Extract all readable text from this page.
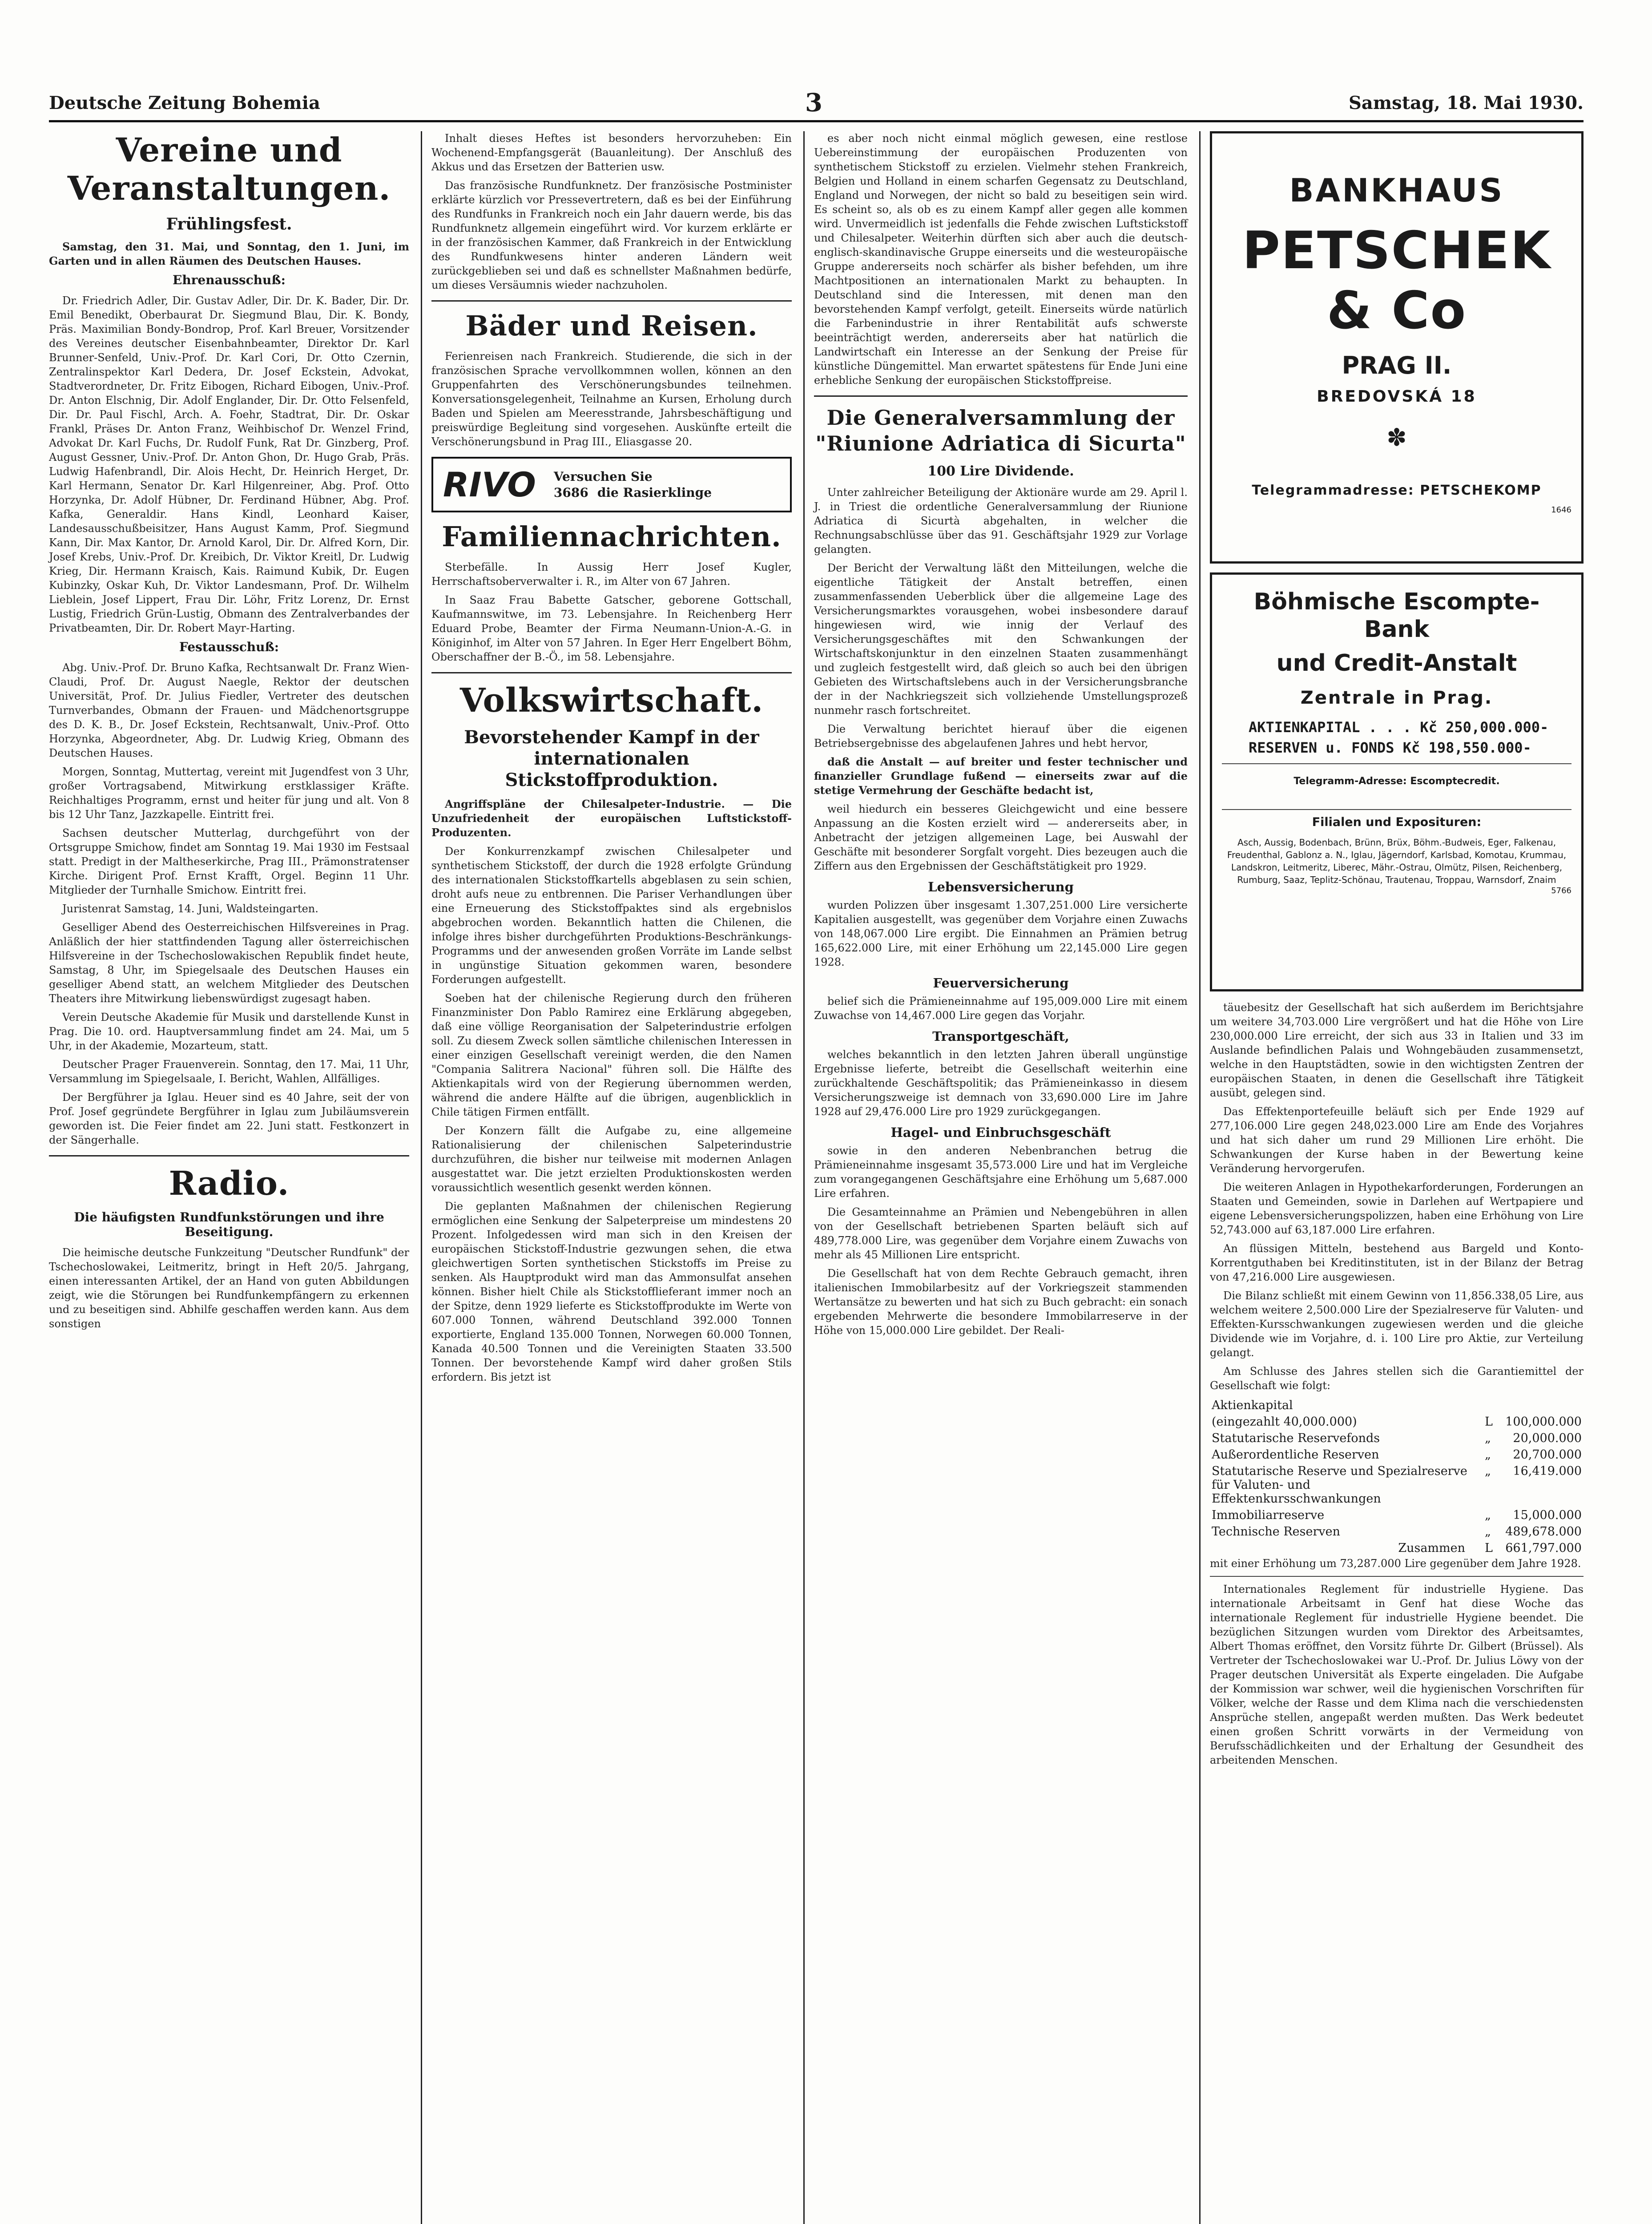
Deutsche Zeitung Bohemia	3	Samstag, 18. Mai 1930.
Vereine und Veranstaltungen.
Frühlingsfest.

Samstag, den 31. Mai, und Sonntag, den 1. Juni, im Garten und in allen Räumen des Deutschen Hauses.

Ehrenausschuß:

Dr. Friedrich Adler, Dir. Gustav Adler, Dir. Dr. K. Bader, Dir. Dr. Emil Benedikt, Oberbaurat Dr. Siegmund Blau, Dir. K. Bondy, Präs. Maximilian Bondy-Bondrop, Prof. Karl Breuer, Vorsitzender des Vereines deutscher Eisenbahnbeamter, Direktor Dr. Karl Brunner-Senfeld, Univ.-Prof. Dr. Karl Cori, Dr. Otto Czernin, Zentralinspektor Karl Dedera, Dr. Josef Eckstein, Advokat, Stadtverordneter, Dr. Fritz Eibogen, Richard Eibogen, Univ.-Prof. Dr. Anton Elschnig, Dir. Adolf Englander, Dir. Dr. Otto Felsenfeld, Dir. Dr. Paul Fischl, Arch. A. Foehr, Stadtrat, Dir. Dr. Oskar Frankl, Präses Dr. Anton Franz, Weihbischof Dr. Wenzel Frind, Advokat Dr. Karl Fuchs, Dr. Rudolf Funk, Rat Dr. Ginzberg, Prof. August Gessner, Univ.-Prof. Dr. Anton Ghon, Dr. Hugo Grab, Präs. Ludwig Hafenbrandl, Dir. Alois Hecht, Dr. Heinrich Herget, Dr. Karl Hermann, Senator Dr. Karl Hilgenreiner, Abg. Prof. Otto Horzynka, Dr. Adolf Hübner, Dr. Ferdinand Hübner, Abg. Prof. Kafka, Generaldir. Hans Kindl, Leonhard Kaiser, Landesausschußbeisitzer, Hans August Kamm, Prof. Siegmund Kann, Dir. Max Kantor, Dr. Arnold Karol, Dir. Dr. Alfred Korn, Dir. Josef Krebs, Univ.-Prof. Dr. Kreibich, Dr. Viktor Kreitl, Dr. Ludwig Krieg, Dir. Hermann Kraisch, Kais. Raimund Kubik, Dr. Eugen Kubinzky, Oskar Kuh, Dr. Viktor Landesmann, Prof. Dr. Wilhelm Lieblein, Josef Lippert, Frau Dir. Löhr, Fritz Lorenz, Dr. Ernst Lustig, Friedrich Grün-Lustig, Obmann des Zentralverbandes der Privatbeamten, Dir. Dr. Robert Mayr-Harting.

Festausschuß:

Abg. Univ.-Prof. Dr. Bruno Kafka, Rechtsanwalt Dr. Franz Wien-Claudi, Prof. Dr. August Naegle, Rektor der deutschen Universität, Prof. Dr. Julius Fiedler, Vertreter des deutschen Turnverbandes, Obmann der Frauen- und Mädchenortsgruppe des D. K. B., Dr. Josef Eckstein, Rechtsanwalt, Univ.-Prof. Otto Horzynka, Abgeordneter, Abg. Dr. Ludwig Krieg, Obmann des Deutschen Hauses.

Morgen, Sonntag, Muttertag, vereint mit Jugendfest von 3 Uhr, großer Vortragsabend, Mitwirkung erstklassiger Kräfte. Reichhaltiges Programm, ernst und heiter für jung und alt. Von 8 bis 12 Uhr Tanz, Jazzkapelle. Eintritt frei.

Sachsen deutscher Mutterlag, durchgeführt von der Ortsgruppe Smichow, findet am Sonntag 19. Mai 1930 im Festsaal statt. Predigt in der Maltheserkirche, Prag III., Prämonstratenser Kirche. Dirigent Prof. Ernst Krafft, Orgel. Beginn 11 Uhr. Mitglieder der Turnhalle Smichow. Eintritt frei.

Juristenrat Samstag, 14. Juni, Waldsteingarten.

Geselliger Abend des Oesterreichischen Hilfsvereines in Prag. Anläßlich der hier stattfindenden Tagung aller österreichischen Hilfsvereine in der Tschechoslowakischen Republik findet heute, Samstag, 8 Uhr, im Spiegelsaale des Deutschen Hauses ein geselliger Abend statt, an welchem Mitglieder des Deutschen Theaters ihre Mitwirkung liebenswürdigst zugesagt haben.

Verein Deutsche Akademie für Musik und darstellende Kunst in Prag. Die 10. ord. Hauptversammlung findet am 24. Mai, um 5 Uhr, in der Akademie, Mozarteum, statt.

Deutscher Prager Frauenverein. Sonntag, den 17. Mai, 11 Uhr, Versammlung im Spiegelsaale, I. Bericht, Wahlen, Allfälliges.

Der Bergführer ja Iglau. Heuer sind es 40 Jahre, seit der von Prof. Josef gegründete Bergführer in Iglau zum Jubiläumsverein geworden ist. Die Feier findet am 22. Juni statt. Festkonzert in der Sängerhalle.

Radio.
Die häufigsten Rundfunkstörungen und ihre Beseitigung.

Die heimische deutsche Funkzeitung "Deutscher Rundfunk" der Tschechoslowakei, Leitmeritz, bringt in Heft 20/5. Jahrgang, einen interessanten Artikel, der an Hand von guten Abbildungen zeigt, wie die Störungen bei Rundfunkempfängern zu erkennen und zu beseitigen sind. Abhilfe geschaffen werden kann. Aus dem sonstigen

Inhalt dieses Heftes ist besonders hervorzuheben: Ein Wochenend-Empfangsgerät (Bauanleitung). Der Anschluß des Akkus und das Ersetzen der Batterien usw.

Das französische Rundfunknetz. Der französische Postminister erklärte kürzlich vor Pressevertretern, daß es bei der Einführung des Rundfunks in Frankreich noch ein Jahr dauern werde, bis das Rundfunknetz allgemein eingeführt wird. Vor kurzem erklärte er in der französischen Kammer, daß Frankreich in der Entwicklung des Rundfunkwesens hinter anderen Ländern weit zurückgeblieben sei und daß es schnellster Maßnahmen bedürfe, um dieses Versäumnis wieder nachzuholen.

Bäder und Reisen.

Ferienreisen nach Frankreich. Studierende, die sich in der französischen Sprache vervollkommnen wollen, können an den Gruppenfahrten des Verschönerungsbundes teilnehmen. Konversationsgelegenheit, Teilnahme an Kursen, Erholung durch Baden und Spielen am Meeresstrande, Jahrsbeschäftigung und preiswürdige Begleitung sind vorgesehen. Auskünfte erteilt die Verschönerungsbund in Prag III., Eliasgasse 20.

RIVO Versuchen Sie
3686 die Rasierklinge
Familiennachrichten.

Sterbefälle. In Aussig Herr Josef Kugler, Herrschaftsoberverwalter i. R., im Alter von 67 Jahren.

In Saaz Frau Babette Gatscher, geborene Gottschall, Kaufmannswitwe, im 73. Lebensjahre. In Reichenberg Herr Eduard Probe, Beamter der Firma Neumann-Union-A.-G. in Königinhof, im Alter von 57 Jahren. In Eger Herr Engelbert Böhm, Oberschaffner der B.-Ö., im 58. Lebensjahre.

Volkswirtschaft.
Bevorstehender Kampf in der internationalen Stickstoffproduktion.

Angriffspläne der Chilesalpeter-Industrie. — Die Unzufriedenheit der europäischen Luftstickstoff-Produzenten.

Der Konkurrenzkampf zwischen Chilesalpeter und synthetischem Stickstoff, der durch die 1928 erfolgte Gründung des internationalen Stickstoffkartells abgeblasen zu sein schien, droht aufs neue zu entbrennen. Die Pariser Verhandlungen über eine Erneuerung des Stickstoffpaktes sind als ergebnislos abgebrochen worden. Bekanntlich hatten die Chilenen, die infolge ihres bisher durchgeführten Produktions-Beschränkungs-Programms und der anwesenden großen Vorräte im Lande selbst in ungünstige Situation gekommen waren, besondere Forderungen aufgestellt.

Soeben hat der chilenische Regierung durch den früheren Finanzminister Don Pablo Ramirez eine Erklärung abgegeben, daß eine völlige Reorganisation der Salpeterindustrie erfolgen soll. Zu diesem Zweck sollen sämtliche chilenischen Interessen in einer einzigen Gesellschaft vereinigt werden, die den Namen "Compania Salitrera Nacional" führen soll. Die Hälfte des Aktienkapitals wird von der Regierung übernommen werden, während die andere Hälfte auf die übrigen, augenblicklich in Chile tätigen Firmen entfällt.

Der Konzern fällt die Aufgabe zu, eine allgemeine Rationalisierung der chilenischen Salpeterindustrie durchzuführen, die bisher nur teilweise mit modernen Anlagen ausgestattet war. Die jetzt erzielten Produktionskosten werden voraussichtlich wesentlich gesenkt werden können.

Die geplanten Maßnahmen der chilenischen Regierung ermöglichen eine Senkung der Salpeterpreise um mindestens 20 Prozent. Infolgedessen wird man sich in den Kreisen der europäischen Stickstoff-Industrie gezwungen sehen, die etwa gleichwertigen Sorten synthetischen Stickstoffs im Preise zu senken. Als Hauptprodukt wird man das Ammonsulfat ansehen können. Bisher hielt Chile als Stickstofflieferant immer noch an der Spitze, denn 1929 lieferte es Stickstoffprodukte im Werte von 607.000 Tonnen, während Deutschland 392.000 Tonnen exportierte, England 135.000 Tonnen, Norwegen 60.000 Tonnen, Kanada 40.500 Tonnen und die Vereinigten Staaten 33.500 Tonnen. Der bevorstehende Kampf wird daher großen Stils erfordern. Bis jetzt ist

es aber noch nicht einmal möglich gewesen, eine restlose Uebereinstimmung der europäischen Produzenten von synthetischem Stickstoff zu erzielen. Vielmehr stehen Frankreich, Belgien und Holland in einem scharfen Gegensatz zu Deutschland, England und Norwegen, der nicht so bald zu beseitigen sein wird. Es scheint so, als ob es zu einem Kampf aller gegen alle kommen wird. Unvermeidlich ist jedenfalls die Fehde zwischen Luftstickstoff und Chilesalpeter. Weiterhin dürften sich aber auch die deutsch-englisch-skandinavische Gruppe einerseits und die westeuropäische Gruppe andererseits noch schärfer als bisher befehden, um ihre Machtpositionen an internationalen Markt zu behaupten. In Deutschland sind die Interessen, mit denen man den bevorstehenden Kampf verfolgt, geteilt. Einerseits würde natürlich die Farbenindustrie in ihrer Rentabilität aufs schwerste beeinträchtigt werden, andererseits aber hat natürlich die Landwirtschaft ein Interesse an der Senkung der Preise für künstliche Düngemittel. Man erwartet spätestens für Ende Juni eine erhebliche Senkung der europäischen Stickstoffpreise.

Die Generalversammlung der "Riunione Adriatica di Sicurta"
100 Lire Dividende.

Unter zahlreicher Beteiligung der Aktionäre wurde am 29. April l. J. in Triest die ordentliche Generalversammlung der Riunione Adriatica di Sicurtà abgehalten, in welcher die Rechnungsabschlüsse über das 91. Geschäftsjahr 1929 zur Vorlage gelangten.

Der Bericht der Verwaltung läßt den Mitteilungen, welche die eigentliche Tätigkeit der Anstalt betreffen, einen zusammenfassenden Ueberblick über die allgemeine Lage des Versicherungsmarktes vorausgehen, wobei insbesondere darauf hingewiesen wird, wie innig der Verlauf des Versicherungsgeschäftes mit den Schwankungen der Wirtschaftskonjunktur in den einzelnen Staaten zusammenhängt und zugleich festgestellt wird, daß gleich so auch bei den übrigen Gebieten des Wirtschaftslebens auch in der Versicherungsbranche der in der Nachkriegszeit sich vollziehende Umstellungsprozeß nunmehr rasch fortschreitet.

Die Verwaltung berichtet hierauf über die eigenen Betriebsergebnisse des abgelaufenen Jahres und hebt hervor,

daß die Anstalt — auf breiter und fester technischer und finanzieller Grundlage fußend — einerseits zwar auf die stetige Vermehrung der Geschäfte bedacht ist,

weil hiedurch ein besseres Gleichgewicht und eine bessere Anpassung an die Kosten erzielt wird — andererseits aber, in Anbetracht der jetzigen allgemeinen Lage, bei Auswahl der Geschäfte mit besonderer Sorgfalt vorgeht. Dies bezeugen auch die Ziffern aus den Ergebnissen der Geschäftstätigkeit pro 1929.

Lebensversicherung

wurden Polizzen über insgesamt 1.307,251.000 Lire versicherte Kapitalien ausgestellt, was gegenüber dem Vorjahre einen Zuwachs von 148,067.000 Lire ergibt. Die Einnahmen an Prämien betrug 165,622.000 Lire, mit einer Erhöhung um 22,145.000 Lire gegen 1928.

Feuerversicherung

belief sich die Prämieneinnahme auf 195,009.000 Lire mit einem Zuwachse von 14,467.000 Lire gegen das Vorjahr.

Transportgeschäft,

welches bekanntlich in den letzten Jahren überall ungünstige Ergebnisse lieferte, betreibt die Gesellschaft weiterhin eine zurückhaltende Geschäftspolitik; das Prämieneinkasso in diesem Versicherungszweige ist demnach von 33,690.000 Lire im Jahre 1928 auf 29,476.000 Lire pro 1929 zurückgegangen.

Hagel- und Einbruchsgeschäft

sowie in den anderen Nebenbranchen betrug die Prämieneinnahme insgesamt 35,573.000 Lire und hat im Vergleiche zum vorangegangenen Geschäftsjahre eine Erhöhung um 5,687.000 Lire erfahren.

Die Gesamteinnahme an Prämien und Nebengebühren in allen von der Gesellschaft betriebenen Sparten beläuft sich auf 489,778.000 Lire, was gegenüber dem Vorjahre einem Zuwachs von mehr als 45 Millionen Lire entspricht.

Die Gesellschaft hat von dem Rechte Gebrauch gemacht, ihren italienischen Immobilarbesitz auf der Vorkriegszeit stammenden Wertansätze zu bewerten und hat sich zu Buch gebracht: ein sonach ergebenden Mehrwerte die besondere Immobilarreserve in der Höhe von 15,000.000 Lire gebildet. Der Reali-

BANKHAUS
PETSCHEK & Co
PRAG II.
BREDOVSKÁ 18
✽
Telegrammadresse: PETSCHEKOMP
1646
Böhmische Escompte-Bank
und Credit-Anstalt
Zentrale in Prag.
AKTIENKAPITAL . . . Kč 250,000.000-
RESERVEN u. FONDS Kč 198,550.000-
Telegramm-Adresse: Escomptecredit.
Filialen und Exposituren:
Asch, Aussig, Bodenbach, Brünn, Brüx, Böhm.-Budweis, Eger, Falkenau, Freudenthal, Gablonz a. N., Iglau, Jägerndorf, Karlsbad, Komotau, Krummau, Landskron, Leitmeritz, Liberec, Mähr.-Ostrau, Olmütz, Pilsen, Reichenberg, Rumburg, Saaz, Teplitz-Schönau, Trautenau, Troppau, Warnsdorf, Znaim
5766

täuebesitz der Gesellschaft hat sich außerdem im Berichtsjahre um weitere 34,703.000 Lire vergrößert und hat die Höhe von Lire 230,000.000 Lire erreicht, der sich aus 33 in Italien und 33 im Auslande befindlichen Palais und Wohngebäuden zusammensetzt, welche in den Hauptstädten, sowie in den wichtigsten Zentren der europäischen Staaten, in denen die Gesellschaft ihre Tätigkeit ausübt, gelegen sind.

Das Effektenportefeuille beläuft sich per Ende 1929 auf 277,106.000 Lire gegen 248,023.000 Lire am Ende des Vorjahres und hat sich daher um rund 29 Millionen Lire erhöht. Die Schwankungen der Kurse haben in der Bewertung keine Veränderung hervorgerufen.

Die weiteren Anlagen in Hypothekarforderungen, Forderungen an Staaten und Gemeinden, sowie in Darlehen auf Wertpapiere und eigene Lebensversicherungspolizzen, haben eine Erhöhung von Lire 52,743.000 auf 63,187.000 Lire erfahren.

An flüssigen Mitteln, bestehend aus Bargeld und Konto-Korrentguthaben bei Kreditinstituten, ist in der Bilanz der Betrag von 47,216.000 Lire ausgewiesen.

Die Bilanz schließt mit einem Gewinn von 11,856.338,05 Lire, aus welchem weitere 2,500.000 Lire der Spezialreserve für Valuten- und Effekten-Kursschwankungen zugewiesen werden und die gleiche Dividende wie im Vorjahre, d. i. 100 Lire pro Aktie, zur Verteilung gelangt.

Am Schlusse des Jahres stellen sich die Garantiemittel der Gesellschaft wie folgt:

Aktienkapital		
(eingezahlt 40,000.000)	L	100,000.000
Statutarische Reservefonds	„	20,000.000
Außerordentliche Reserven	„	20,700.000
Statutarische Reserve und Spezialreserve für Valuten- und Effektenkursschwankungen	„	16,419.000
Immobiliarreserve	„	15,000.000
Technische Reserven	„	489,678.000
Zusammen	L	661,797.000

mit einer Erhöhung um 73,287.000 Lire gegenüber dem Jahre 1928.

Internationales Reglement für industrielle Hygiene. Das internationale Arbeitsamt in Genf hat diese Woche das internationale Reglement für industrielle Hygiene beendet. Die bezüglichen Sitzungen wurden vom Direktor des Arbeitsamtes, Albert Thomas eröffnet, den Vorsitz führte Dr. Gilbert (Brüssel). Als Vertreter der Tschechoslowakei war U.-Prof. Dr. Julius Löwy von der Prager deutschen Universität als Experte eingeladen. Die Aufgabe der Kommission war schwer, weil die hygienischen Vorschriften für Völker, welche der Rasse und dem Klima nach die verschiedensten Ansprüche stellen, angepaßt werden mußten. Das Werk bedeutet einen großen Schritt vorwärts in der Vermeidung von Berufsschädlichkeiten und der Erhaltung der Gesundheit des arbeitenden Menschen.
